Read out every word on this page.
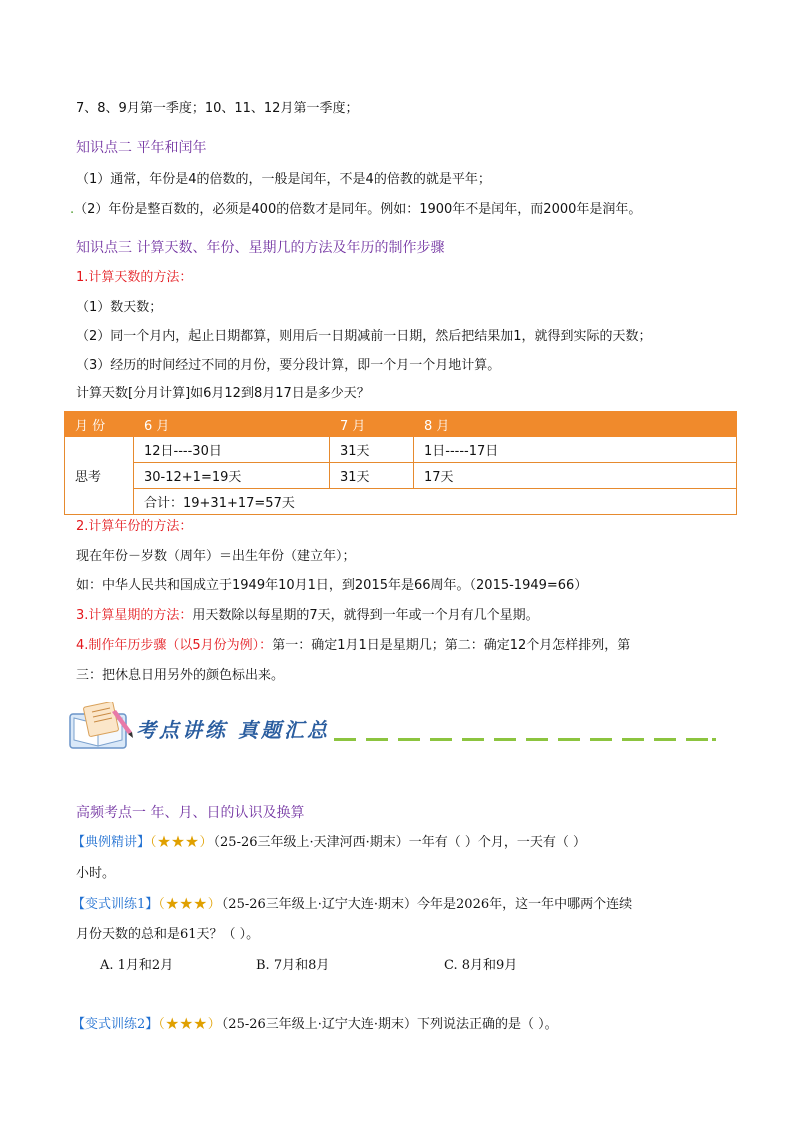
7、8、9月第一季度；10、11、12月第一季度；
知识点二 平年和闰年
（1）通常，年份是4的倍数的，一般是闰年，不是4的倍教的就是平年；
.（2）年份是整百数的，必须是400的倍数才是同年。例如：1900年不是闰年，而2000年是润年。
知识点三 计算天数、年份、星期几的方法及年历的制作步骤
1.计算天数的方法：
（1）数天数；
（2）同一个月内，起止日期都算，则用后一日期减前一日期，然后把结果加1，就得到实际的天数；
（3）经历的时间经过不同的月份，要分段计算，即一个月一个月地计算。
计算天数[分月计算]如6月12到8月17日是多少天？
月 份	6 月	7 月	8 月
思考	12日----30日	31天	1日-----17日
	30-12+1=19天	31天	17天
	合计：19+31+17=57天		
2.计算年份的方法：
现在年份－岁数（周年）＝出生年份（建立年）；
如：中华人民共和国成立于1949年10月1日，到2015年是66周年。（2015-1949=66）
3.计算星期的方法：用天数除以每星期的7天，就得到一年或一个月有几个星期。
4.制作年历步骤（以5月份为例）：第一：确定1月1日是星期几；第二：确定12个月怎样排列，第
三：把休息日用另外的颜色标出来。
考点讲练 真题汇总
高频考点一 年、月、日的认识及换算
【典例精讲】（★★★）（25-26三年级上·天津河西·期末）一年有（ ）个月，一天有（ ）
小时。
【变式训练1】（★★★）（25-26三年级上·辽宁大连·期末）今年是2026年，这一年中哪两个连续
月份天数的总和是61天？（ ）。
A. 1月和2月	B. 7月和8月	C. 8月和9月
【变式训练2】（★★★）（25-26三年级上·辽宁大连·期末）下列说法正确的是（ ）。
